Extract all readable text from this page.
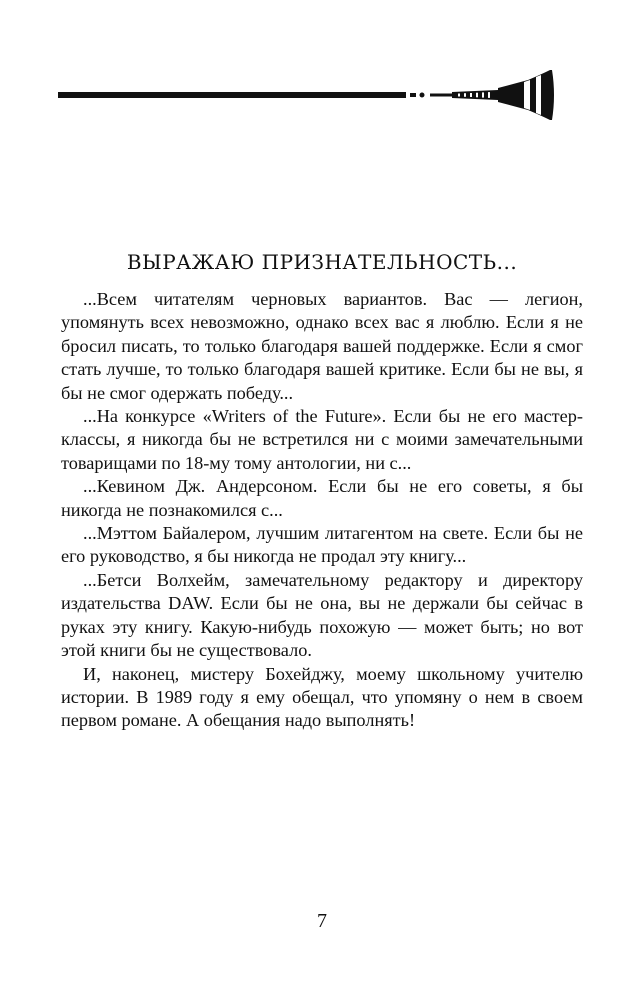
ВЫРАЖАЮ ПРИЗНАТЕЛЬНОСТЬ...

...Всем читателям черновых вариантов. Вас — легион, упомянуть всех невозможно, однако всех вас я люблю. Если я не бросил писать, то только благодаря вашей поддержке. Если я смог стать лучше, то только благодаря вашей критике. Если бы не вы, я бы не смог одержать победу...

...На конкурсе «Writers of the Future». Если бы не его мастер-классы, я никогда бы не встретился ни с моими замечательными товарищами по 18-му тому антологии, ни с...

...Кевином Дж. Андерсоном. Если бы не его советы, я бы никогда не познакомился с...

...Мэттом Байалером, лучшим литагентом на свете. Если бы не его руководство, я бы никогда не продал эту книгу...

...Бетси Волхейм, замечательному редактору и директору издательства DAW. Если бы не она, вы не держали бы сейчас в руках эту книгу. Какую-нибудь похожую — может быть; но вот этой книги бы не существовало.

И, наконец, мистеру Бохейджу, моему школьному учителю истории. В 1989 году я ему обещал, что упомяну о нем в своем первом романе. А обещания надо выполнять!

7
